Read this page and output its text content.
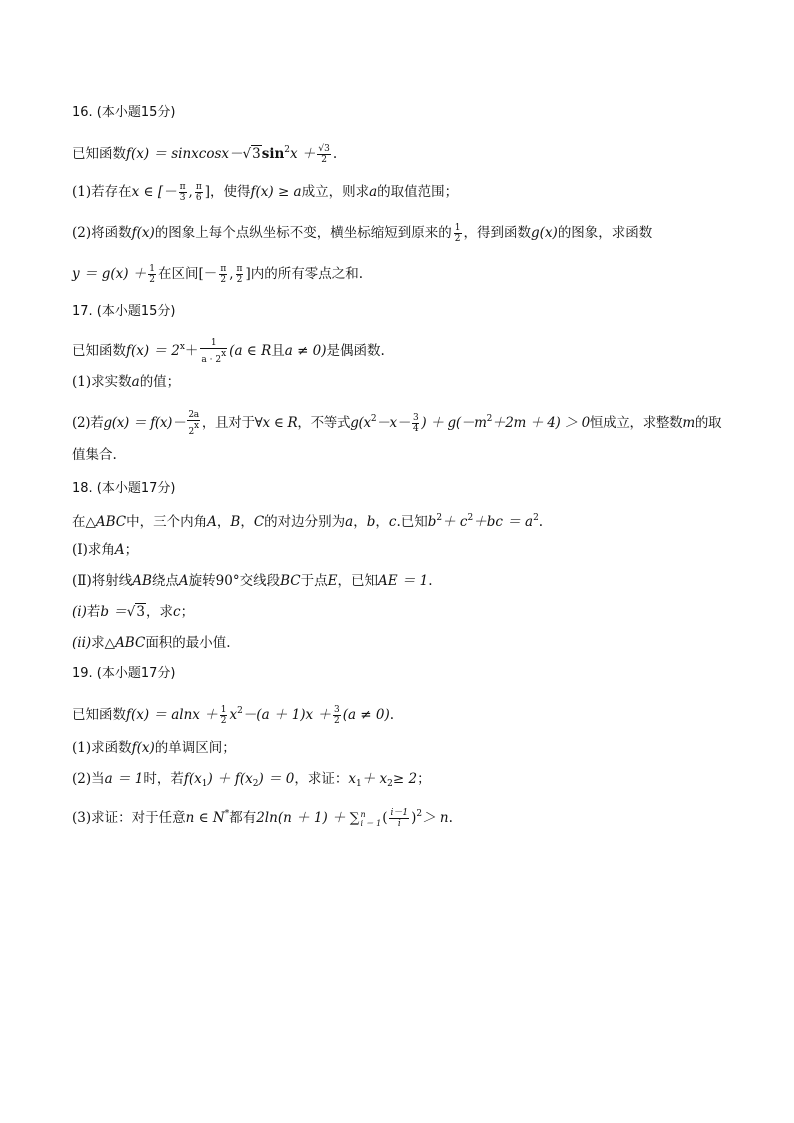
16. (本小题15分)
已知函数$f(x) = sinxcosx-√3\sin^2x + \frac{√3}{2}$ .
(1)若存在x ∈ [－ $\frac{\pi}{3}$ , $\frac{\pi}{6}$ ]，使得f(x) ≥ a成立，则求a的取值范围；
(2)将函数f(x)的图象上每个点纵坐标不变，横坐标缩短到原来的 $\frac{1}{2}$ ，得到函数g(x)的图象，求函数
$y = g(x) + \frac{1}{2}$ 在区间[－ $\frac{\pi}{2}$ , $\frac{\pi}{2}$ ]内的所有零点之和.
17. (本小题15分)
已知函数$f(x) = 2^x+ \frac{1}{a \cdot 2x} (a$ ∈ R且a ≠ 0)是偶函数.
(1)求实数a的值；
(2)若$g(x) = f(x)- \frac{2a}{2x}$ ，且对于∀x ∈ R，不等式$g(x^2-x- \frac{3}{4}$ ) ＋ $g(-m^2+2m + 4) > 0$恒成立，求整数m的取
值集合.
18. (本小题17分)
在△ABC中，三个内角A，B，C的对边分别为a，b，c.已知$b^2+ c^2+bc = a^2$.
(Ⅰ)求角A；
(Ⅱ)将射线AB绕点A旋转90°交线段BC于点E，已知AE ＝ 1.
(i)若b ＝√3，求c；
(ii)求△ABC面积的最小值.
19. (本小题17分)
已知函数$f(x) = alnx + \frac{1}{2} x^2-(a + 1)x + \frac{3}{2} (a \ne 0)$.
(1)求函数f(x)的单调区间；
(2)当a ＝ 1时，若$f(x_1) + f(x_2) = 0$，求证：$x_1+ x_2\ge 2$；
(3)求证：对于任意n ∈ N*都有2ln(n ＋ 1) ＋ ∑ n
i ＝ 1 ( $\frac{i-1}{i} )^2> n$.
